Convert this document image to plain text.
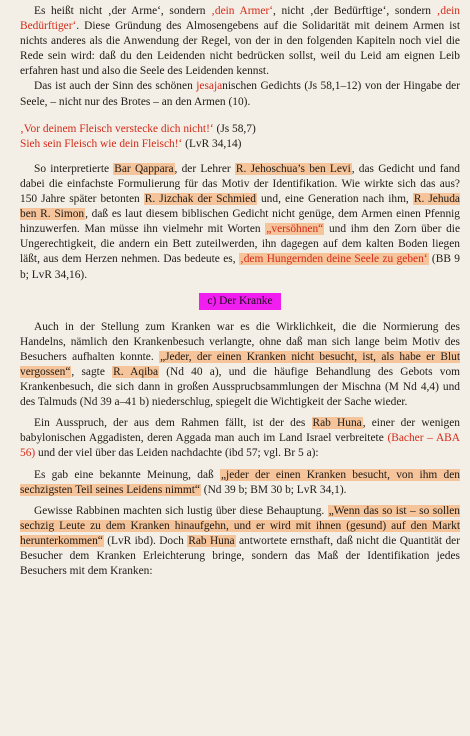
Es heißt nicht ‚der Arme‘, sondern ‚dein Armer‘, nicht ‚der Bedürftige‘, sondern ‚dein Bedürftiger‘. Diese Gründung des Almosengebens auf die Solidarität mit deinem Armen ist nichts anderes als die Anwendung der Regel, von der in den folgenden Kapiteln noch viel die Rede sein wird: daß du den Leidenden nicht bedrücken sollst, weil du Leid am eignen Leib erfahren hast und also die Seele des Leidenden kennst.

Das ist auch der Sinn des schönen jesajanischen Gedichts (Js 58,1–12) von der Hingabe der Seele, – nicht nur des Brotes – an den Armen (10).

‚Vor deinem Fleisch verstecke dich nicht!‘ (Js 58,7)
Sieh sein Fleisch wie dein Fleisch!‘ (LvR 34,14)

So interpretierte Bar Qappara, der Lehrer R. Jehoschua’s ben Levi, das Gedicht und fand dabei die einfachste Formulierung für das Motiv der Identifikation. Wie wirkte sich das aus? 150 Jahre später betonten R. Jizchak der Schmied und, eine Generation nach ihm, R. Jehuda ben R. Simon, daß es laut diesem biblischen Gedicht nicht genüge, dem Armen einen Pfennig hinzuwerfen. Man müsse ihn vielmehr mit Worten „versöhnen“ und ihm den Zorn über die Ungerechtigkeit, die andern ein Bett zuteilwerden, ihn dagegen auf dem kalten Boden liegen läßt, aus dem Herzen nehmen. Das bedeute es, ‚dem Hungernden deine Seele zu geben‘ (BB 9 b; LvR 34,16).

c) Der Kranke

Auch in der Stellung zum Kranken war es die Wirklichkeit, die die Normierung des Handelns, nämlich den Krankenbesuch verlangte, ohne daß man sich lange beim Motiv des Besuchers aufhalten konnte. „Jeder, der einen Kranken nicht besucht, ist, als habe er Blut vergossen“, sagte R. Aqiba (Nd 40 a), und die häufige Behandlung des Gebots vom Krankenbesuch, die sich dann in großen Aussprucbsammlungen der Mischna (M Nd 4,4) und des Talmuds (Nd 39 a–41 b) niederschlug, spiegelt die Wichtigkeit der Sache wieder.

Ein Ausspruch, der aus dem Rahmen fällt, ist der des Rab Huna, einer der wenigen babylonischen Aggadisten, deren Aggada man auch im Land Israel verbreitete (Bacher – ABA 56) und der viel über das Leiden nachdachte (ibd 57; vgl. Br 5 a):

Es gab eine bekannte Meinung, daß „jeder der einen Kranken besucht, von ihm den sechzigsten Teil seines Leidens nimmt“ (Nd 39 b; BM 30 b; LvR 34,1).

Gewisse Rabbinen machten sich lustig über diese Behauptung. „Wenn das so ist – so sollen sechzig Leute zu dem Kranken hinaufgehn, und er wird mit ihnen (gesund) auf den Markt herunterkommen“ (LvR ibd). Doch Rab Huna antwortete ernsthaft, daß nicht die Quantität der Besucher dem Kranken Erleichterung bringe, sondern das Maß der Identifikation jedes Besuchers mit dem Kranken:
